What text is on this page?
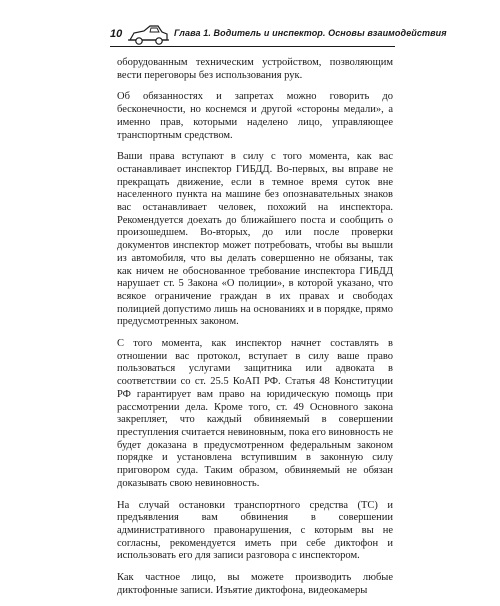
10	Глава 1. Водитель и инспектор. Основы взаимодействия

оборудованным техническим устройством, позволяющим вести переговоры без использования рук.

Об обязанностях и запретах можно говорить до бесконечности, но коснемся и другой «стороны медали», а именно прав, которыми наделено лицо, управляющее транспортным средством.

Ваши права вступают в силу с того момента, как вас останавливает инспектор ГИБДД. Во-первых, вы вправе не прекращать движение, если в темное время суток вне населенного пункта на машине без опознавательных знаков вас останавливает человек, похожий на инспектора. Рекомендуется доехать до ближайшего поста и сообщить о произошедшем. Во-вторых, до или после проверки документов инспектор может потребовать, чтобы вы вышли из автомобиля, что вы делать совершенно не обязаны, так как ничем не обоснованное требование инспектора ГИБДД нарушает ст. 5 Закона «О полиции», в которой указано, что всякое ограничение граждан в их правах и свободах полицией допустимо лишь на основаниях и в порядке, прямо предусмотренных законом.

С того момента, как инспектор начнет составлять в отношении вас протокол, вступает в силу ваше право пользоваться услугами защитника или адвоката в соответствии со ст. 25.5 КоАП РФ. Статья 48 Конституции РФ гарантирует вам право на юридическую помощь при рассмотрении дела. Кроме того, ст. 49 Основного закона закрепляет, что каждый обвиняемый в совершении преступления считается невиновным, пока его виновность не будет доказана в предусмотренном федеральным законом порядке и установлена вступившим в законную силу приговором суда. Таким образом, обвиняемый не обязан доказывать свою невиновность.

На случай остановки транспортного средства (ТС) и предъявления вам обвинения в совершении административного правонарушения, с которым вы не согласны, рекомендуется иметь при себе диктофон и использовать его для записи разговора с инспектором.

Как частное лицо, вы можете производить любые диктофонные записи. Изъятие диктофона, видеокамеры
